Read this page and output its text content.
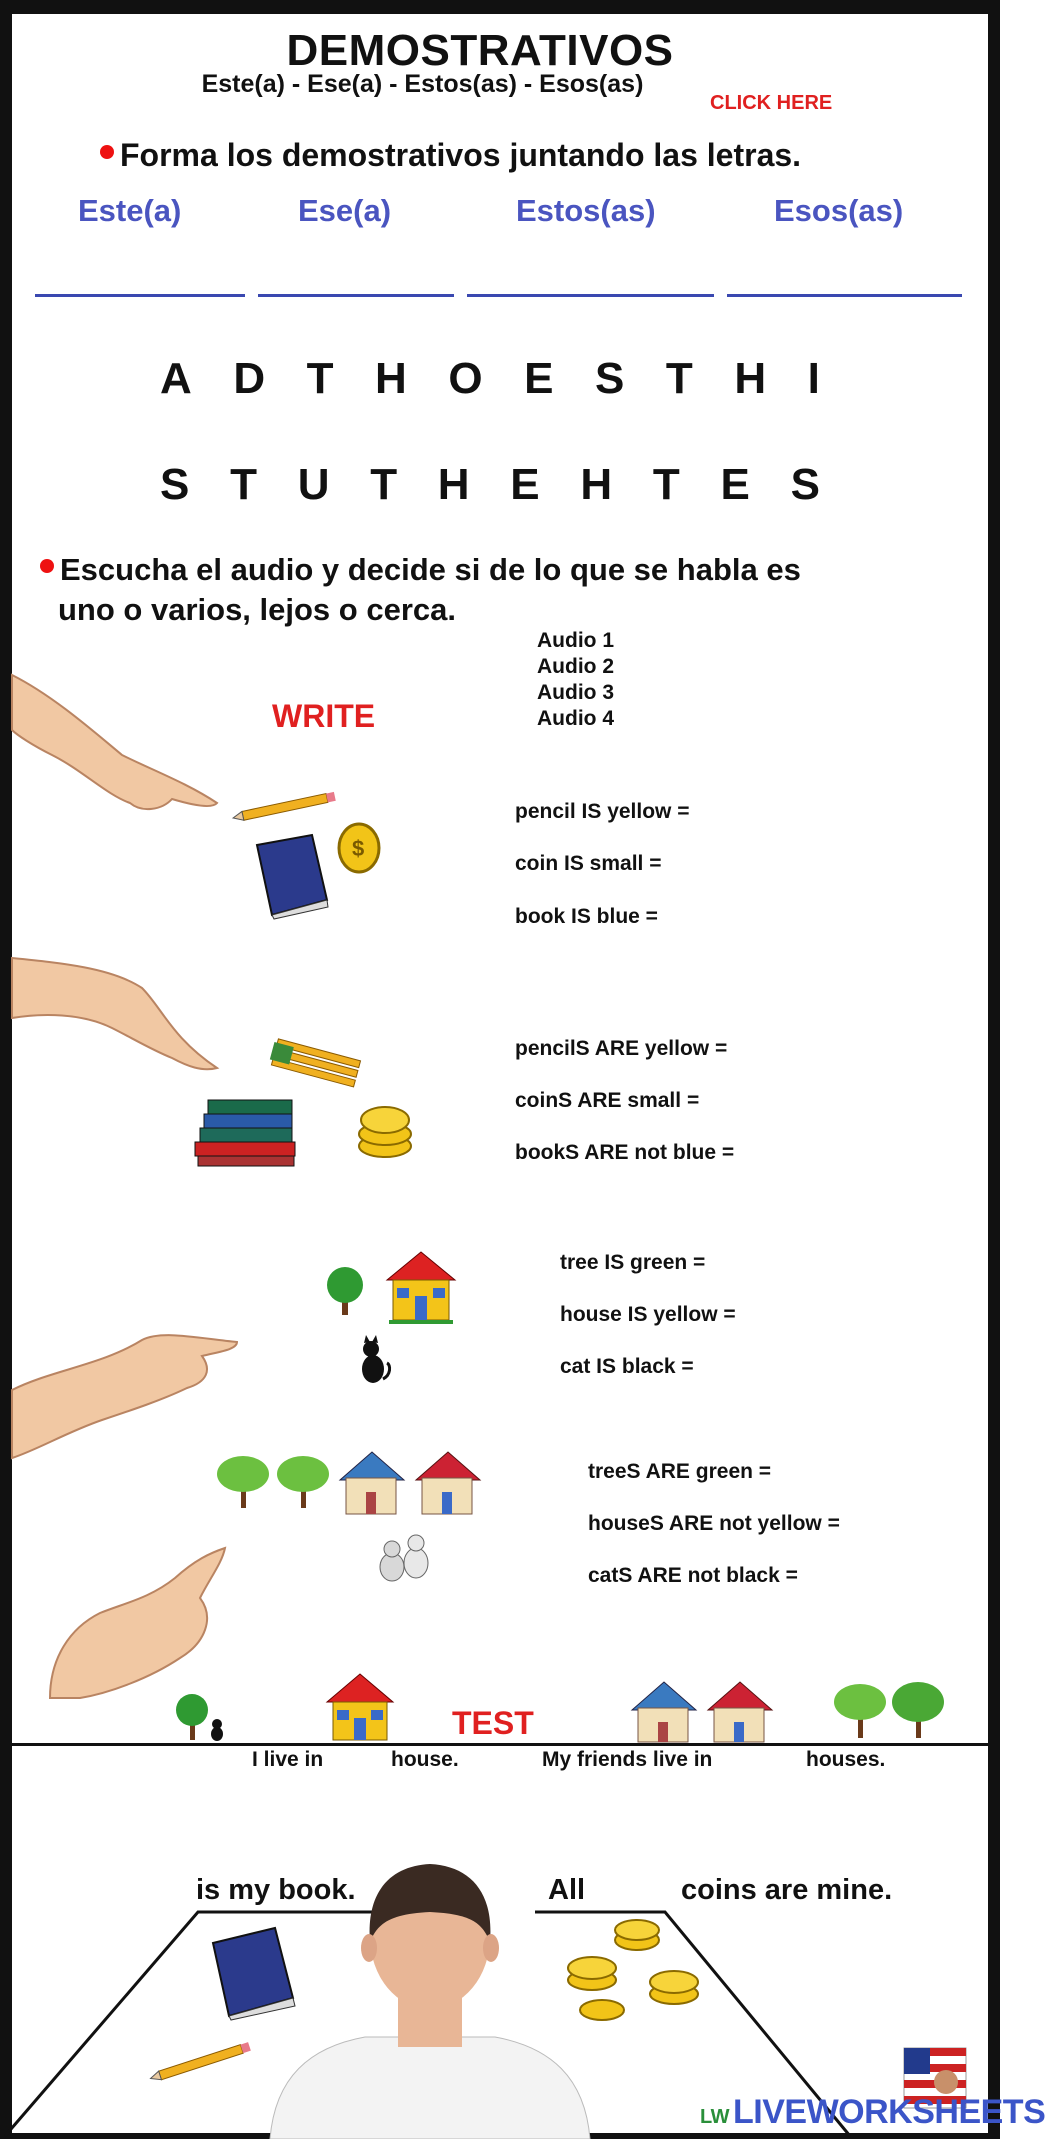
DEMOSTRATIVOS
Este(a) - Ese(a) - Estos(as) - Esos(as)
CLICK HERE
Forma los demostrativos juntando las letras.
Este(a)	Ese(a)	Estos(as)	Esos(as)
A D T H O E S T H I
S T U T H E H T E S
Escucha el audio y decide si de lo que se habla es
uno o varios, lejos o cerca.
Audio 1
Audio 2
Audio 3
Audio 4
WRITE
$
pencil IS yellow =
coin IS small =
book IS blue =
pencilS ARE yellow =
coinS ARE small =
bookS ARE not blue =
tree IS green =
house IS yellow =
cat IS black =
treeS ARE green =
houseS ARE not yellow =
catS ARE not black =
TEST
I live in	house.	My friends live in	houses.
is my book.	All	coins are mine.
LW LIVEWORKSHEETS
